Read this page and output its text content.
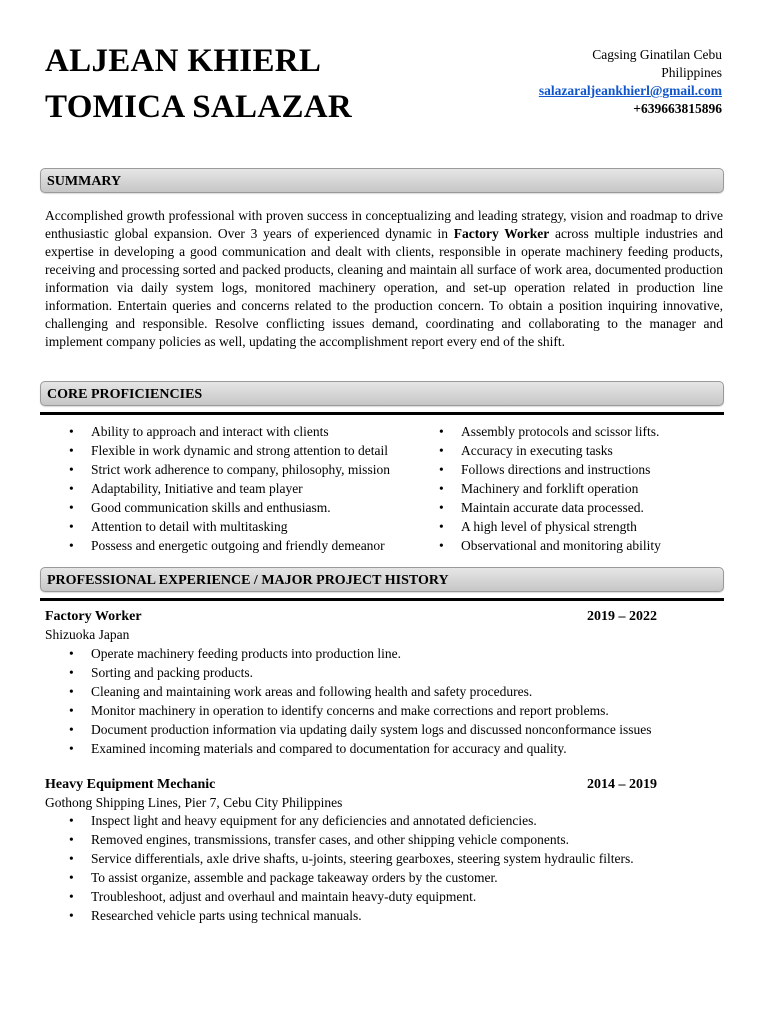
ALJEAN KHIERL
TOMICA SALAZAR
Cagsing Ginatilan Cebu
Philippines
salazaraljeankhierl@gmail.com
+639663815896
SUMMARY
Accomplished growth professional with proven success in conceptualizing and leading strategy, vision and roadmap to drive enthusiastic global expansion. Over 3 years of experienced dynamic in Factory Worker across multiple industries and expertise in developing a good communication and dealt with clients, responsible in operate machinery feeding products, receiving and processing sorted and packed products, cleaning and maintain all surface of work area, documented production information via daily system logs, monitored machinery operation, and set-up operation related in production line information. Entertain queries and concerns related to the production concern. To obtain a position inquiring innovative, challenging and responsible. Resolve conflicting issues demand, coordinating and collaborating to the manager and implement company policies as well, updating the accomplishment report every end of the shift.
CORE PROFICIENCIES
• Ability to approach and interact with clients
• Flexible in work dynamic and strong attention to detail
• Strict work adherence to company, philosophy, mission
• Adaptability, Initiative and team player
• Good communication skills and enthusiasm.
• Attention to detail with multitasking
• Possess and energetic outgoing and friendly demeanor
• Assembly protocols and scissor lifts.
• Accuracy in executing tasks
• Follows directions and instructions
• Machinery and forklift operation
• Maintain accurate data processed.
• A high level of physical strength
• Observational and monitoring ability
PROFESSIONAL EXPERIENCE / MAJOR PROJECT HISTORY
Factory Worker	2019 – 2022
Shizuoka Japan
• Operate machinery feeding products into production line.
• Sorting and packing products.
• Cleaning and maintaining work areas and following health and safety procedures.
• Monitor machinery in operation to identify concerns and make corrections and report problems.
• Document production information via updating daily system logs and discussed nonconformance issues
• Examined incoming materials and compared to documentation for accuracy and quality.
Heavy Equipment Mechanic	2014 – 2019
Gothong Shipping Lines, Pier 7, Cebu City Philippines
• Inspect light and heavy equipment for any deficiencies and annotated deficiencies.
• Removed engines, transmissions, transfer cases, and other shipping vehicle components.
• Service differentials, axle drive shafts, u-joints, steering gearboxes, steering system hydraulic filters.
• To assist organize, assemble and package takeaway orders by the customer.
• Troubleshoot, adjust and overhaul and maintain heavy-duty equipment.
• Researched vehicle parts using technical manuals.
